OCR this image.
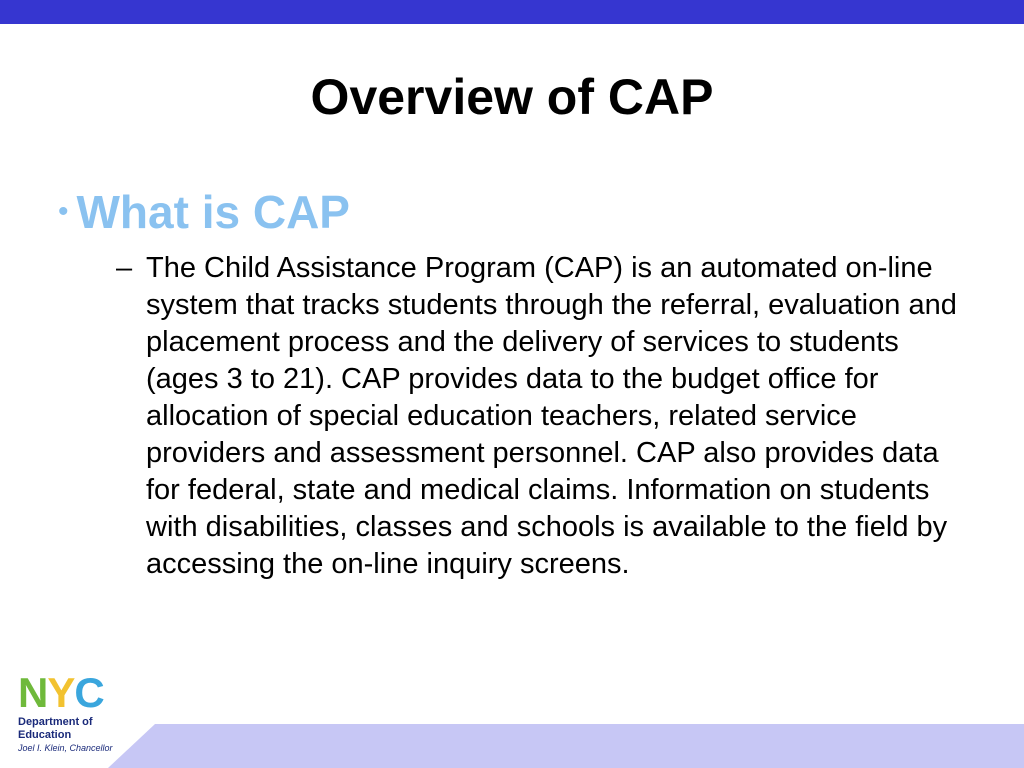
Overview of CAP
• What is CAP
– The Child Assistance Program (CAP) is an automated on-line system that tracks students through the referral, evaluation and placement process and the delivery of services to students (ages 3 to 21). CAP provides data to the budget office for allocation of special education teachers, related service providers and assessment personnel. CAP also provides data for federal, state and medical claims. Information on students with disabilities, classes and schools is available to the field by accessing the on-line inquiry screens.
N Y C
Department of
Education
Joel I. Klein, Chancellor
